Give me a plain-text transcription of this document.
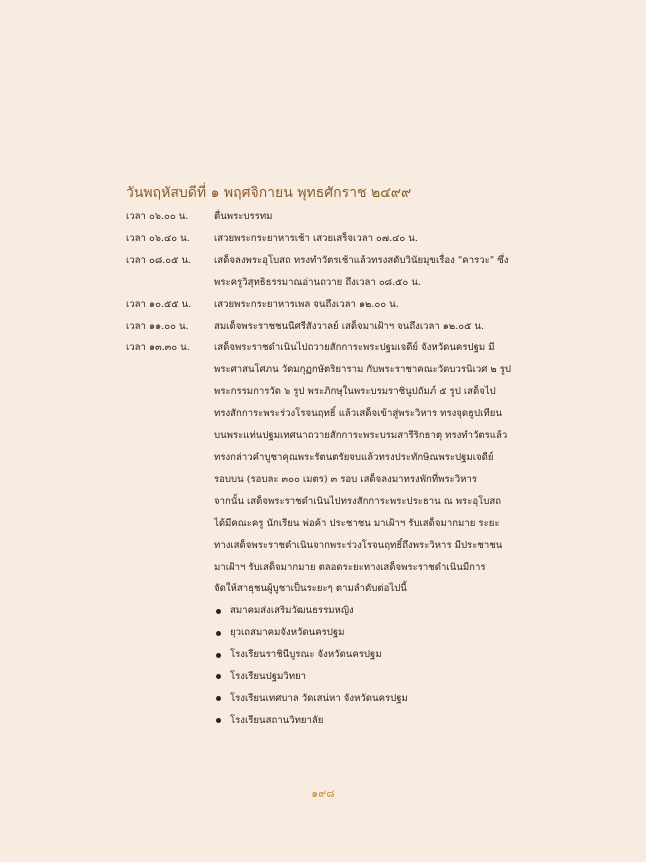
วันพฤหัสบดีที่ ๑ พฤศจิกายน พุทธศักราช ๒๔๙๙
เวลา ๐๖.๐๐ น.	ตื่นพระบรรทม
เวลา ๐๖.๔๐ น.	เสวยพระกระยาหารเช้า เสวยเสร็จเวลา ๐๗.๔๐ น.
เวลา ๐๘.๐๕ น.	เสด็จลงพระอุโบสถ ทรงทำวัตรเช้าแล้วทรงสดับวินัยมุขเรื่อง "คารวะ" ซึ่ง
พระครูวิสุทธิธรรมาณอ่านถวาย ถึงเวลา ๐๘.๕๐ น.
เวลา ๑๐.๕๕ น.	เสวยพระกระยาหารเพล จนถึงเวลา ๑๒.๐๐ น.
เวลา ๑๑.๐๐ น.	สมเด็จพระราชชนนีศรีสังวาลย์ เสด็จมาเฝ้าฯ จนถึงเวลา ๑๒.๐๕ น.
เวลา ๑๓.๓๐ น.	เสด็จพระราชดำเนินไปถวายสักการะพระปฐมเจดีย์ จังหวัดนครปฐม มี
พระศาสนโศภน วัดมกุฏกษัตริยาราม กับพระราชาคณะวัดบวรนิเวศ ๒ รูป
พระกรรมการวัด ๖ รูป พระภิกษุในพระบรมราชินูปถัมภ์ ๕ รูป เสด็จไป
ทรงสักการะพระร่วงโรจนฤทธิ์ แล้วเสด็จเข้าสู่พระวิหาร ทรงจุดธูปเทียน
บนพระแท่นปฐมเทศนาถวายสักการะพระบรมสารีริกธาตุ ทรงทำวัตรแล้ว
ทรงกล่าวคำบูชาคุณพระรัตนตรัยจบแล้วทรงประทักษิณพระปฐมเจดีย์
รอบบน (รอบละ ๓๐๐ เมตร) ๓ รอบ เสด็จลงมาทรงพักที่พระวิหาร
จากนั้น เสด็จพระราชดำเนินไปทรงสักการะพระประธาน ณ พระอุโบสถ
ได้มีคณะครู นักเรียน พ่อค้า ประชาชน มาเฝ้าฯ รับเสด็จมากมาย ระยะ
ทางเสด็จพระราชดำเนินจากพระร่วงโรจนฤทธิ์ถึงพระวิหาร มีประชาชน
มาเฝ้าฯ รับเสด็จมากมาย ตลอดระยะทางเสด็จพระราชดำเนินมีการ
จัดให้สาธุชนผู้บูชาเป็นระยะๆ ตามลำดับต่อไปนี้
สมาคมส่งเสริมวัฒนธรรมหญิง
ยุวเถสมาคมจังหวัดนครปฐม
โรงเรียนราชินีบูรณะ จังหวัดนครปฐม
โรงเรียนปฐมวิทยา
โรงเรียนเทศบาล วัดเสน่หา จังหวัดนครปฐม
โรงเรียนสถานวิทยาลัย
๑๙๘
